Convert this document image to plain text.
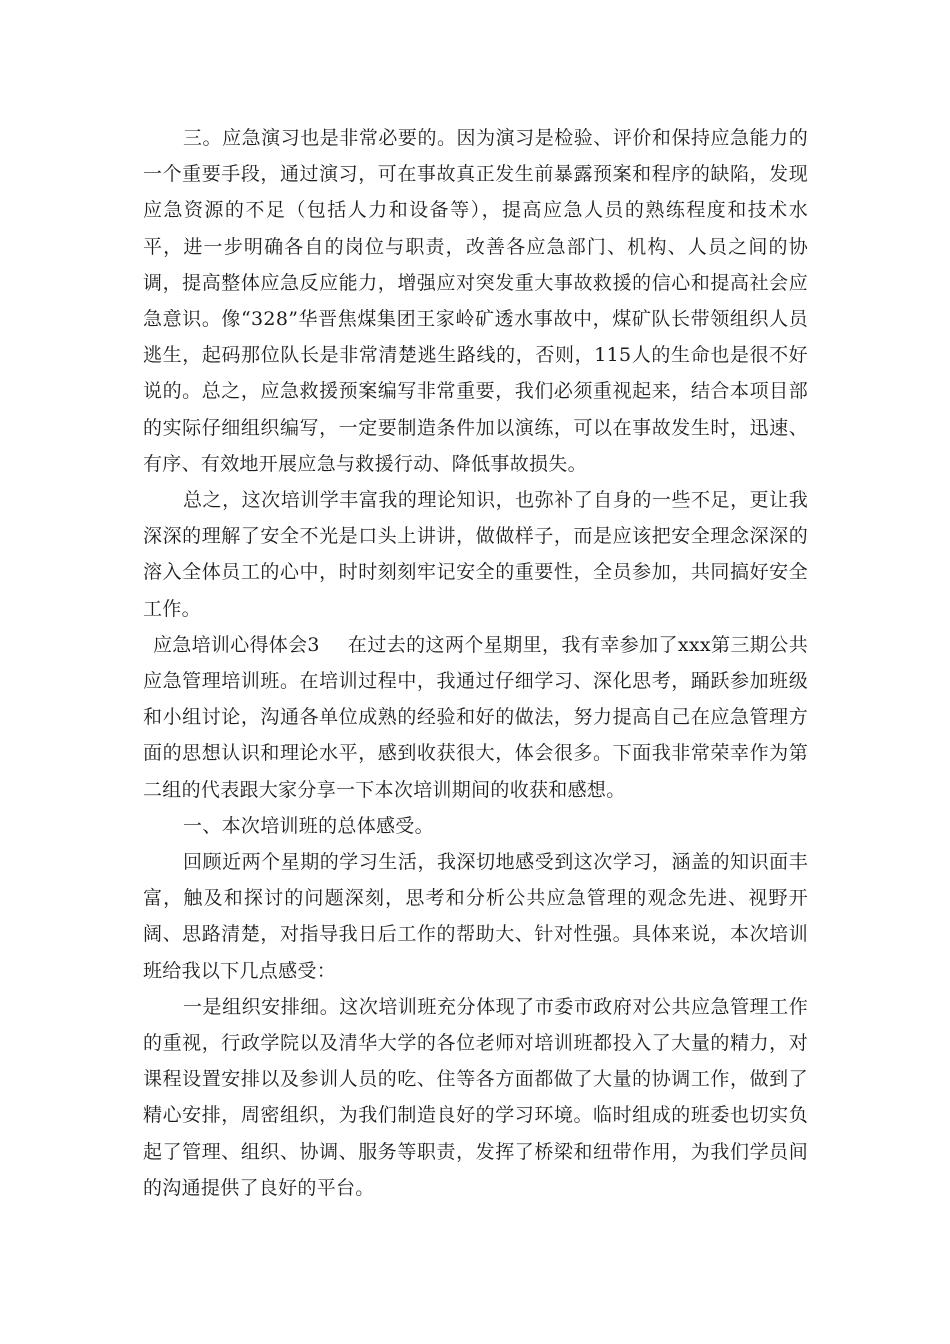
三。应急演习也是非常必要的。因为演习是检验、评价和保持应急能力的一个重要手段，通过演习，可在事故真正发生前暴露预案和程序的缺陷，发现应急资源的不足（包括人力和设备等），提高应急人员的熟练程度和技术水平，进一步明确各自的岗位与职责，改善各应急部门、机构、人员之间的协调，提高整体应急反应能力，增强应对突发重大事故救援的信心和提高社会应急意识。像“328”华晋焦煤集团王家岭矿透水事故中，煤矿队长带领组织人员逃生，起码那位队长是非常清楚逃生路线的，否则，115人的生命也是很不好说的。总之，应急救援预案编写非常重要，我们必须重视起来，结合本项目部的实际仔细组织编写，一定要制造条件加以演练，可以在事故发生时，迅速、有序、有效地开展应急与救援行动、降低事故损失。

总之，这次培训学丰富我的理论知识，也弥补了自身的一些不足，更让我深深的理解了安全不光是口头上讲讲，做做样子，而是应该把安全理念深深的溶入全体员工的心中，时时刻刻牢记安全的重要性，全员参加，共同搞好安全工作。

应急培训心得体会3 在过去的这两个星期里，我有幸参加了xxx第三期公共应急管理培训班。在培训过程中，我通过仔细学习、深化思考，踊跃参加班级和小组讨论，沟通各单位成熟的经验和好的做法，努力提高自己在应急管理方面的思想认识和理论水平，感到收获很大，体会很多。下面我非常荣幸作为第二组的代表跟大家分享一下本次培训期间的收获和感想。

一、本次培训班的总体感受。

回顾近两个星期的学习生活，我深切地感受到这次学习，涵盖的知识面丰富，触及和探讨的问题深刻，思考和分析公共应急管理的观念先进、视野开阔、思路清楚，对指导我日后工作的帮助大、针对性强。具体来说，本次培训班给我以下几点感受：

一是组织安排细。这次培训班充分体现了市委市政府对公共应急管理工作的重视，行政学院以及清华大学的各位老师对培训班都投入了大量的精力，对课程设置安排以及参训人员的吃、住等各方面都做了大量的协调工作，做到了精心安排，周密组织，为我们制造良好的学习环境。临时组成的班委也切实负起了管理、组织、协调、服务等职责，发挥了桥梁和纽带作用，为我们学员间的沟通提供了良好的平台。
